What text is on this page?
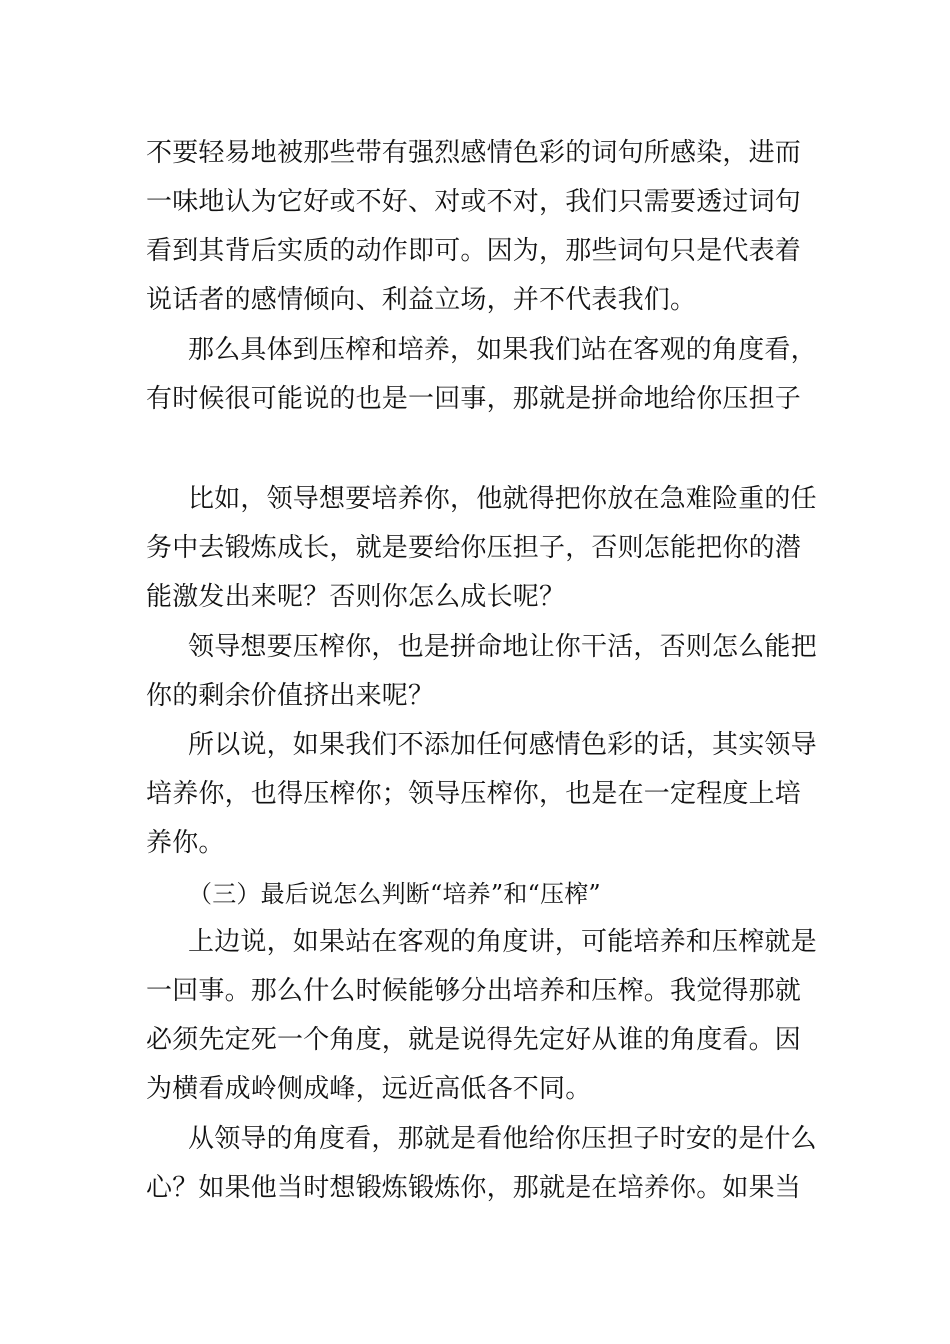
不要轻易地被那些带有强烈感情色彩的词句所感染，进而
一味地认为它好或不好、对或不对，我们只需要透过词句
看到其背后实质的动作即可。因为，那些词句只是代表着
说话者的感情倾向、利益立场，并不代表我们。
那么具体到压榨和培养，如果我们站在客观的角度看，
有时候很可能说的也是一回事，那就是拼命地给你压担子
比如，领导想要培养你，他就得把你放在急难险重的任
务中去锻炼成长，就是要给你压担子，否则怎能把你的潜
能激发出来呢？否则你怎么成长呢？
领导想要压榨你，也是拼命地让你干活，否则怎么能把
你的剩余价值挤出来呢？
所以说，如果我们不添加任何感情色彩的话，其实领导
培养你，也得压榨你；领导压榨你，也是在一定程度上培
养你。
（三）最后说怎么判断“培养”和“压榨”
上边说，如果站在客观的角度讲，可能培养和压榨就是
一回事。那么什么时候能够分出培养和压榨。我觉得那就
必须先定死一个角度，就是说得先定好从谁的角度看。因
为横看成岭侧成峰，远近高低各不同。
从领导的角度看，那就是看他给你压担子时安的是什么
心？如果他当时想锻炼锻炼你，那就是在培养你。如果当
